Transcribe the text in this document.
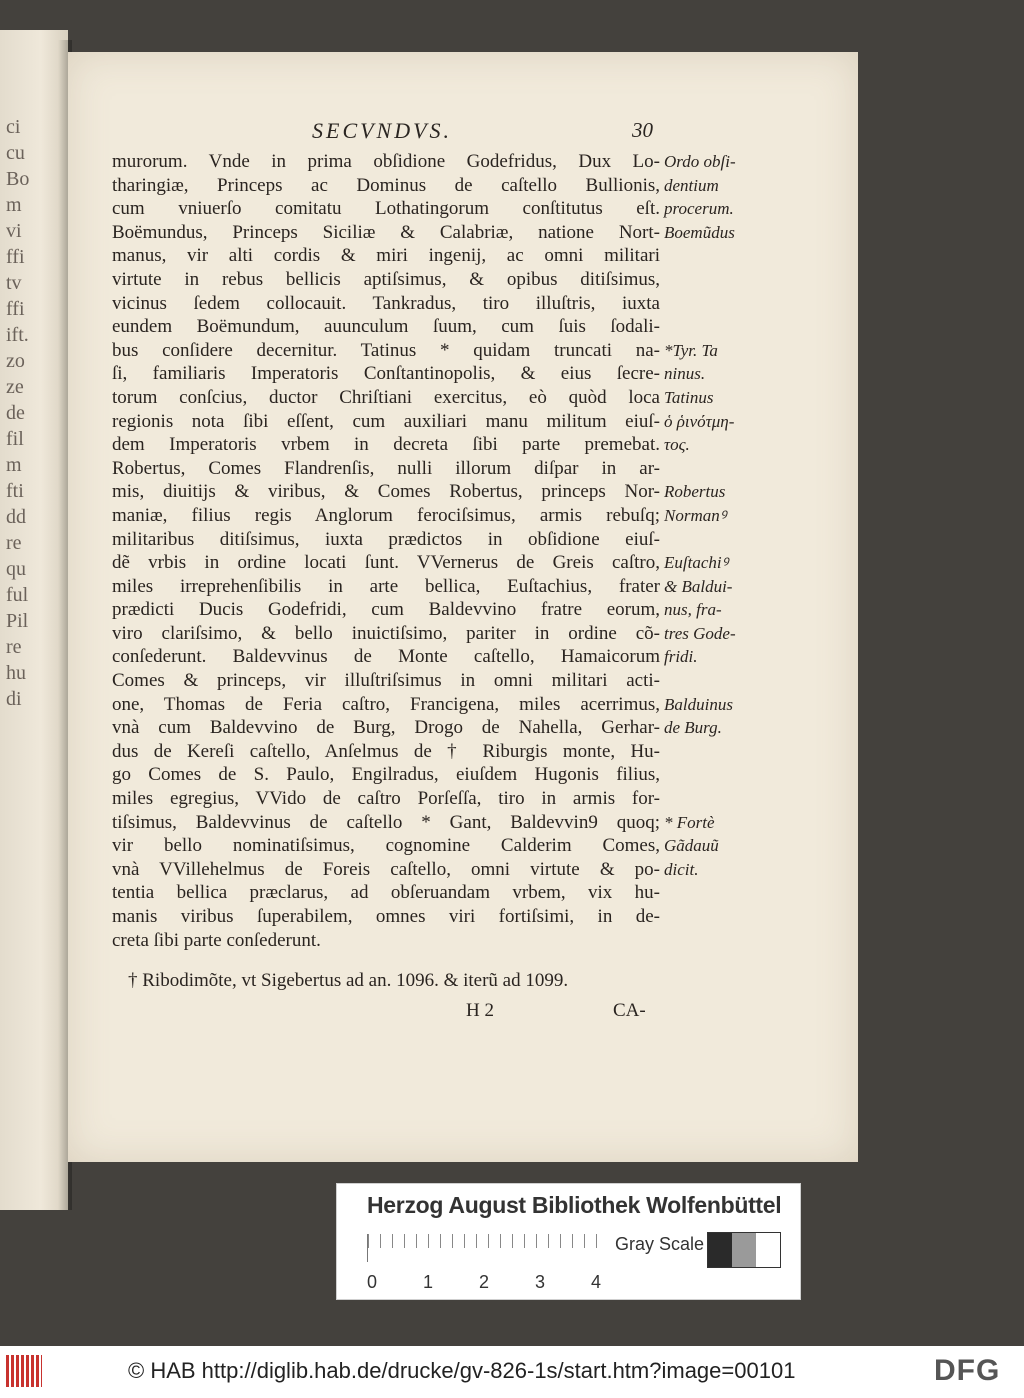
ci
cu
Bo
m
vi
ffi
tv
ffi
ift.
zo
ze
de
fil
m
fti
dd
re
qu
ful
Pil
re
hu
di
SECVNDVS.	30
murorum. Vnde in prima obſidione Godefridus, Dux Lo-
tharingiæ, Princeps ac Dominus de caſtello Bullionis,
cum vniuerſo comitatu Lothatingorum conſtitutus eſt.
Boëmundus, Princeps Siciliæ & Calabriæ, natione Nort-
manus, vir alti cordis & miri ingenij, ac omni militari
virtute in rebus bellicis aptiſsimus, & opibus ditiſsimus,
vicinus ſedem collocauit. Tankradus, tiro illuſtris, iuxta
eundem Boëmundum, auunculum ſuum, cum ſuis ſodali-
bus conſidere decernitur. Tatinus * quidam truncati na-
ſi, familiaris Imperatoris Conſtantinopolis, & eius ſecre-
torum conſcius, ductor Chriſtiani exercitus, eò quòd loca
regionis nota ſibi eſſent, cum auxiliari manu militum eiuſ-
dem Imperatoris vrbem in decreta ſibi parte premebat.
Robertus, Comes Flandrenſis, nulli illorum diſpar in ar-
mis, diuitijs & viribus, & Comes Robertus, princeps Nor-
maniæ, filius regis Anglorum ferociſsimus, armis rebuſq;
militaribus ditiſsimus, iuxta prædictos in obſidione eiuſ-
dẽ vrbis in ordine locati ſunt. VVernerus de Greis caſtro,
miles irreprehenſibilis in arte bellica, Euſtachius, frater
prædicti Ducis Godefridi, cum Baldevvino fratre eorum,
viro clariſsimo, & bello inuictiſsimo, pariter in ordine cõ-
conſederunt. Baldevvinus de Monte caſtello, Hamaicorum
Comes & princeps, vir illuſtriſsimus in omni militari acti-
one, Thomas de Feria caſtro, Francigena, miles acerrimus,
vnà cum Baldevvino de Burg, Drogo de Nahella, Gerhar-
dus de Kereſi caſtello, Anſelmus de † Riburgis monte, Hu-
go Comes de S. Paulo, Engilradus, eiuſdem Hugonis filius,
miles egregius, VVido de caſtro Porſeſſa, tiro in armis for-
tiſsimus, Baldevvinus de caſtello * Gant, Baldevvin9 quoq;
vir bello nominatiſsimus, cognomine Calderim Comes,
vnà VVillehelmus de Foreis caſtello, omni virtute & po-
tentia bellica præclarus, ad obſeruandam vrbem, vix hu-
manis viribus ſuperabilem, omnes viri fortiſsimi, in de-
creta ſibi parte conſederunt.
Ordo obſi-
dentium
procerum.
Boemũdus
*Tyr. Ta
ninus.
Tatinus
ὁ ῥινότμη-
τος.
Robertus
Normanꝰ
Euſtachiꝰ
& Baldui-
nus, fra-
tres Gode-
fridi.
Balduinus
de Burg.
* Fortè
Gãdauũ
dicit.
† Ribodimõte, vt Sigebertus ad an. 1096. & iterũ ad 1099.
H 2	CA-
Herzog August Bibliothek Wolfenbüttel
0	1	2	3	4
Gray Scale
© HAB http://diglib.hab.de/drucke/gv-826-1s/start.htm?image=00101	DFG
